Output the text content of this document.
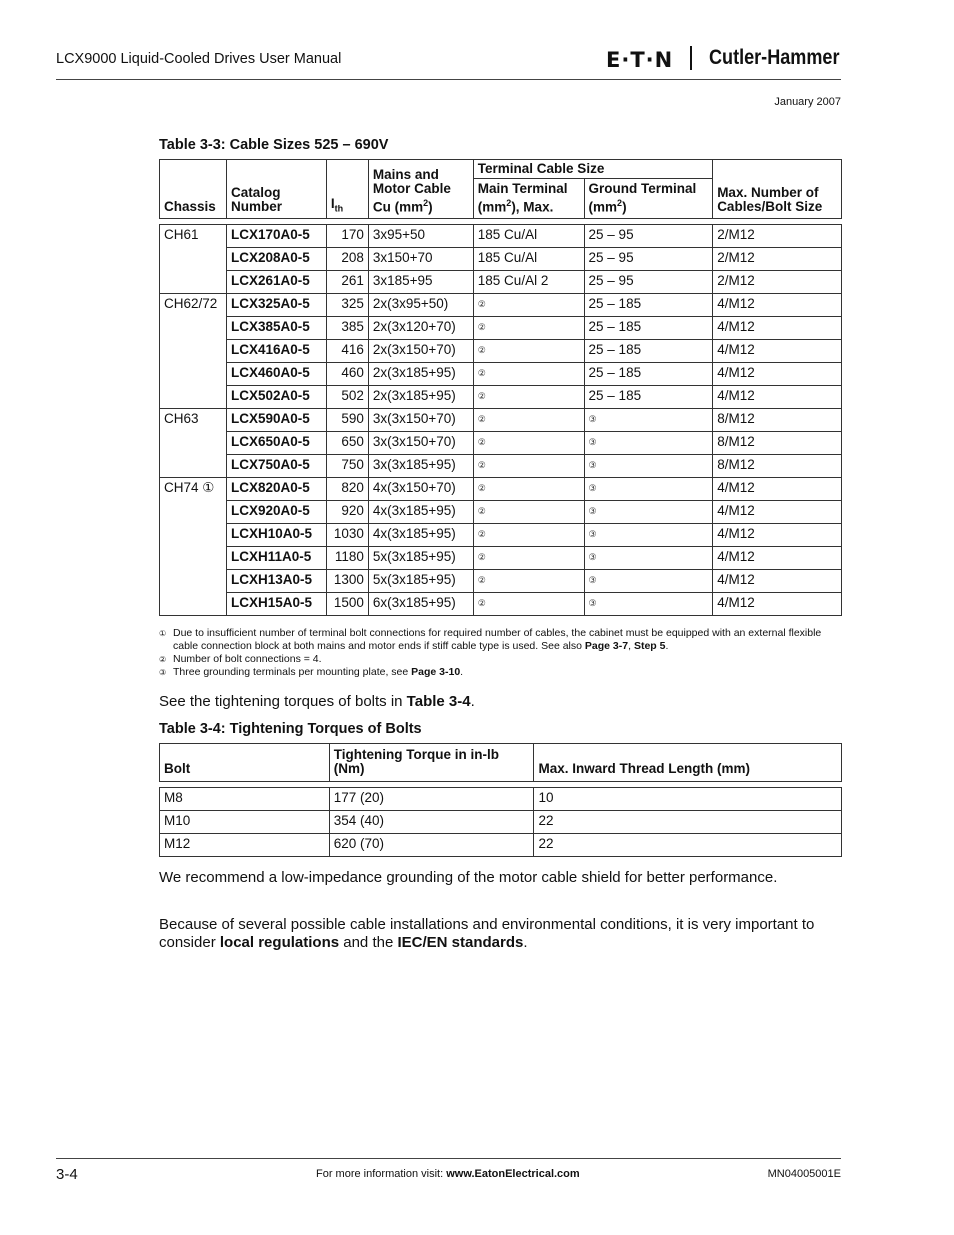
LCX9000 Liquid-Cooled Drives User Manual	E·T·N Cutler-Hammer
January 2007
Table 3-3: Cable Sizes 525 – 690V
Chassis	Catalog Number	$I_{th}$	Mains and Motor Cable Cu $(mm^2)$	Terminal Cable Size		Max. Number of Cables/Bolt Size
				Main Terminal $(mm^2)$, Max.	Ground Terminal $(mm^2)$	

CH61	LCX170A0-5	170	3x95+50	185 Cu/Al	25 – 95	2/M12
	LCX208A0-5	208	3x150+70	185 Cu/Al	25 – 95	2/M12
	LCX261A0-5	261	3x185+95	185 Cu/Al 2	25 – 95	2/M12
CH62/72	LCX325A0-5	325	2x(3x95+50)	②	25 – 185	4/M12
	LCX385A0-5	385	2x(3x120+70)	②	25 – 185	4/M12
	LCX416A0-5	416	2x(3x150+70)	②	25 – 185	4/M12
	LCX460A0-5	460	2x(3x185+95)	②	25 – 185	4/M12
	LCX502A0-5	502	2x(3x185+95)	②	25 – 185	4/M12
CH63	LCX590A0-5	590	3x(3x150+70)	②	③	8/M12
	LCX650A0-5	650	3x(3x150+70)	②	③	8/M12
	LCX750A0-5	750	3x(3x185+95)	②	③	8/M12
CH74 ①	LCX820A0-5	820	4x(3x150+70)	②	③	4/M12
	LCX920A0-5	920	4x(3x185+95)	②	③	4/M12
	LCXH10A0-5	1030	4x(3x185+95)	②	③	4/M12
	LCXH11A0-5	1180	5x(3x185+95)	②	③	4/M12
	LCXH13A0-5	1300	5x(3x185+95)	②	③	4/M12
	LCXH15A0-5	1500	6x(3x185+95)	②	③	4/M12
① Due to insufficient number of terminal bolt connections for required number of cables, the cabinet must be equipped with an external flexible cable connection block at both mains and motor ends if stiff cable type is used. See also Page 3-7, Step 5.
② Number of bolt connections = 4.
③ Three grounding terminals per mounting plate, see Page 3-10.
See the tightening torques of bolts in Table 3-4.
Table 3-4: Tightening Torques of Bolts
Bolt	Tightening Torque in in-lb (Nm)	Max. Inward Thread Length (mm)

M8	177 (20)	10
M10	354 (40)	22
M12	620 (70)	22
We recommend a low-impedance grounding of the motor cable shield for better performance.
Because of several possible cable installations and environmental conditions, it is very important to consider local regulations and the IEC/EN standards.
3-4	For more information visit: www.EatonElectrical.com	MN04005001E
